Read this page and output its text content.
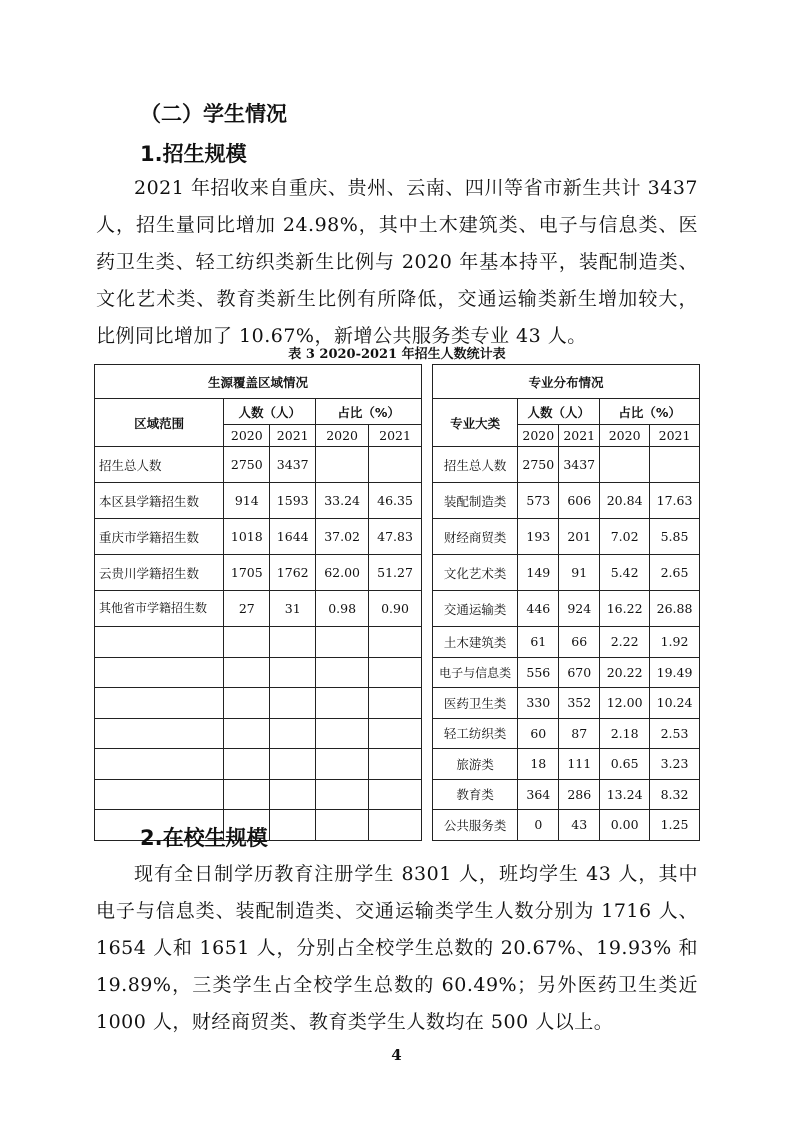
（二）学生情况
1.招生规模
2021 年招收来自重庆、贵州、云南、四川等省市新生共计 3437 人，招生量同比增加 24.98%，其中土木建筑类、电子与信息类、医药卫生类、轻工纺织类新生比例与 2020 年基本持平，装配制造类、文化艺术类、教育类新生比例有所降低，交通运输类新生增加较大，比例同比增加了 10.67%，新增公共服务类专业 43 人。
表 3 2020-2021 年招生人数统计表
生源覆盖区域情况				
区域范围	人数（人）		占比（%）	
	2020	2021	2020	2021
招生总人数	2750	3437		
本区县学籍招生数	914	1593	33.24	46.35
重庆市学籍招生数	1018	1644	37.02	47.83
云贵川学籍招生数	1705	1762	62.00	51.27
其他省市学籍招生数	27	31	0.98	0.90

专业分布情况				
专业大类	人数（人）		占比（%）	
	2020	2021	2020	2021
招生总人数	2750	3437		
装配制造类	573	606	20.84	17.63
财经商贸类	193	201	7.02	5.85
文化艺术类	149	91	5.42	2.65
交通运输类	446	924	16.22	26.88
土木建筑类	61	66	2.22	1.92
电子与信息类	556	670	20.22	19.49
医药卫生类	330	352	12.00	10.24
轻工纺织类	60	87	2.18	2.53
旅游类	18	111	0.65	3.23
教育类	364	286	13.24	8.32
公共服务类	0	43	0.00	1.25
2.在校生规模
现有全日制学历教育注册学生 8301 人，班均学生 43 人，其中电子与信息类、装配制造类、交通运输类学生人数分别为 1716 人、1654 人和 1651 人，分别占全校学生总数的 20.67%、19.93% 和 19.89%，三类学生占全校学生总数的 60.49%；另外医药卫生类近 1000 人，财经商贸类、教育类学生人数均在 500 人以上。
4
